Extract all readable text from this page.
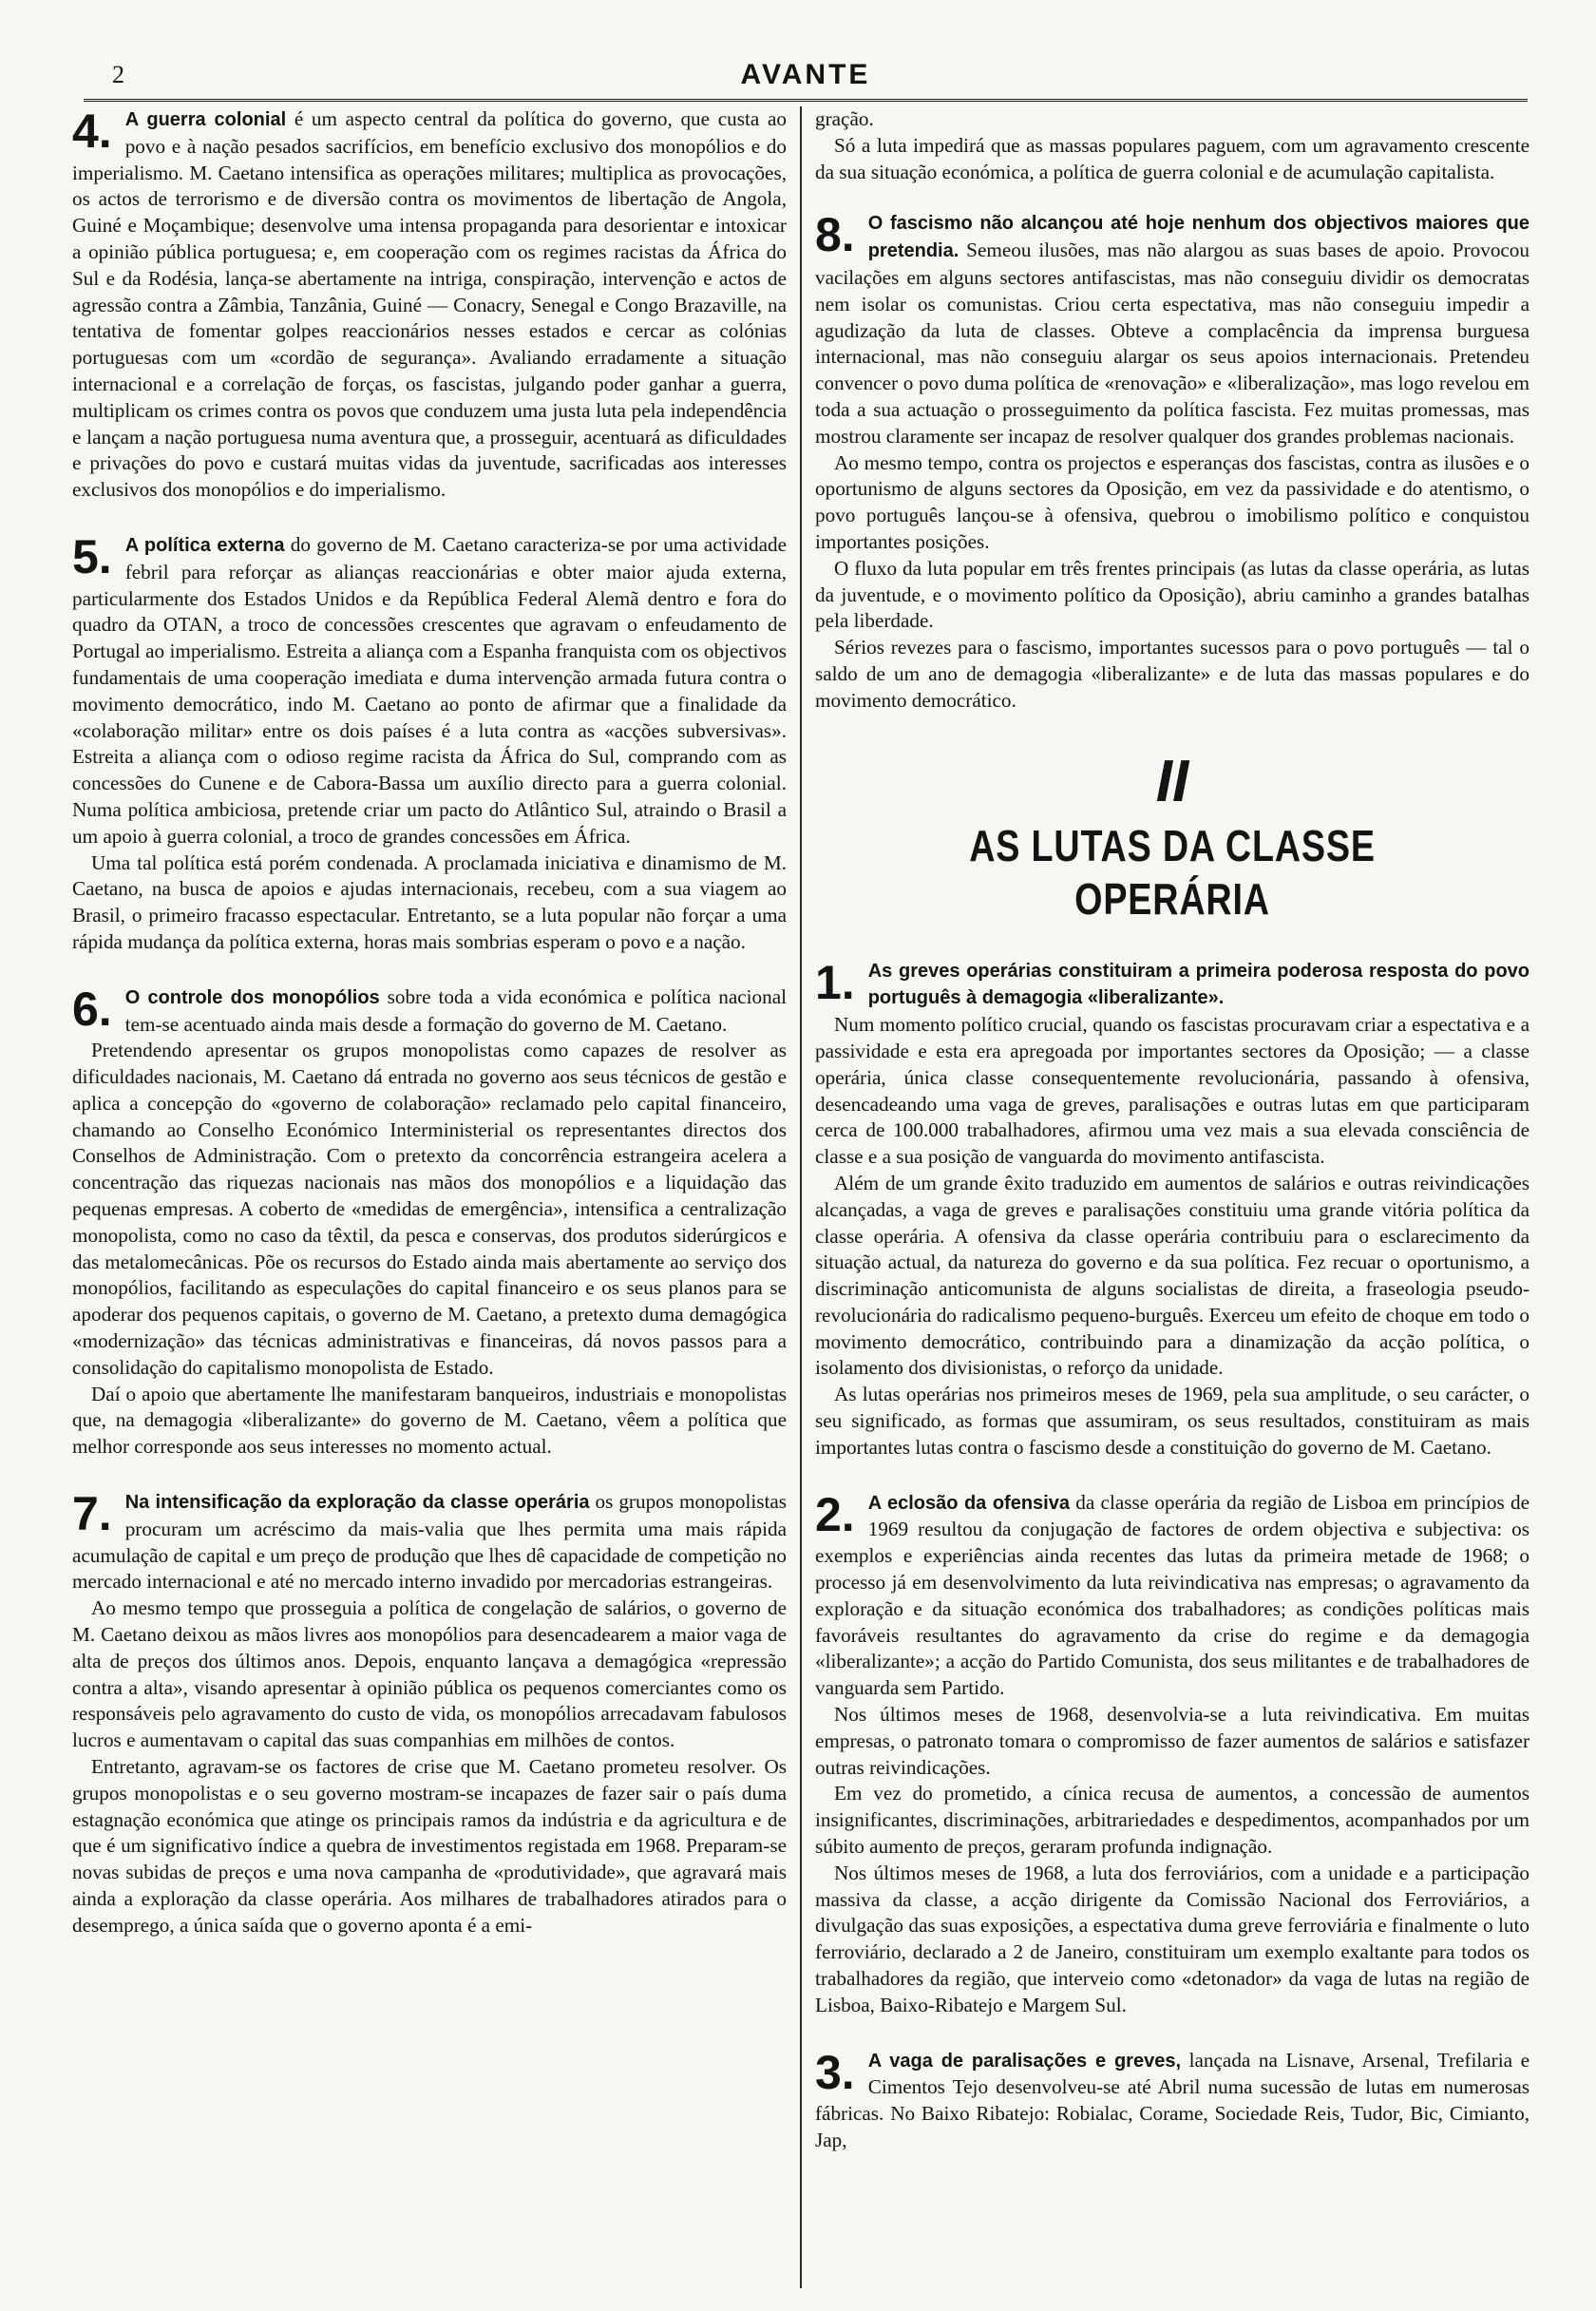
2	AVANTE

4. A guerra colonial é um aspecto central da política do governo, que custa ao povo e à nação pesados sacrifícios, em benefício exclusivo dos monopólios e do imperialismo. M. Caetano intensifica as operações militares; multiplica as provocações, os actos de terrorismo e de diversão contra os movimentos de libertação de Angola, Guiné e Moçambique; desenvolve uma intensa propaganda para desorientar e intoxicar a opinião pública portuguesa; e, em cooperação com os regimes racistas da África do Sul e da Rodésia, lança-se abertamente na intriga, conspiração, intervenção e actos de agressão contra a Zâmbia, Tanzânia, Guiné — Conacry, Senegal e Congo Brazaville, na tentativa de fomentar golpes reaccionários nesses estados e cercar as colónias portuguesas com um «cordão de segurança». Avaliando erradamente a situação internacional e a correlação de forças, os fascistas, julgando poder ganhar a guerra, multiplicam os crimes contra os povos que conduzem uma justa luta pela independência e lançam a nação portuguesa numa aventura que, a prosseguir, acentuará as dificuldades e privações do povo e custará muitas vidas da juventude, sacrificadas aos interesses exclusivos dos monopólios e do imperialismo.

5. A política externa do governo de M. Caetano caracteriza-se por uma actividade febril para reforçar as alianças reaccionárias e obter maior ajuda externa, particularmente dos Estados Unidos e da República Federal Alemã dentro e fora do quadro da OTAN, a troco de concessões crescentes que agravam o enfeudamento de Portugal ao imperialismo. Estreita a aliança com a Espanha franquista com os objectivos fundamentais de uma cooperação imediata e duma intervenção armada futura contra o movimento democrático, indo M. Caetano ao ponto de afirmar que a finalidade da «colaboração militar» entre os dois países é a luta contra as «acções subversivas». Estreita a aliança com o odioso regime racista da África do Sul, comprando com as concessões do Cunene e de Cabora-Bassa um auxílio directo para a guerra colonial. Numa política ambiciosa, pretende criar um pacto do Atlântico Sul, atraindo o Brasil a um apoio à guerra colonial, a troco de grandes concessões em África.

Uma tal política está porém condenada. A proclamada iniciativa e dinamismo de M. Caetano, na busca de apoios e ajudas internacionais, recebeu, com a sua viagem ao Brasil, o primeiro fracasso espectacular. Entretanto, se a luta popular não forçar a uma rápida mudança da política externa, horas mais sombrias esperam o povo e a nação.

6. O controle dos monopólios sobre toda a vida económica e política nacional tem-se acentuado ainda mais desde a formação do governo de M. Caetano.

Pretendendo apresentar os grupos monopolistas como capazes de resolver as dificuldades nacionais, M. Caetano dá entrada no governo aos seus técnicos de gestão e aplica a concepção do «governo de colaboração» reclamado pelo capital financeiro, chamando ao Conselho Económico Interministerial os representantes directos dos Conselhos de Administração. Com o pretexto da concorrência estrangeira acelera a concentração das riquezas nacionais nas mãos dos monopólios e a liquidação das pequenas empresas. A coberto de «medidas de emergência», intensifica a centralização monopolista, como no caso da têxtil, da pesca e conservas, dos produtos siderúrgicos e das metalomecânicas. Põe os recursos do Estado ainda mais abertamente ao serviço dos monopólios, facilitando as especulações do capital financeiro e os seus planos para se apoderar dos pequenos capitais, o governo de M. Caetano, a pretexto duma demagógica «modernização» das técnicas administrativas e financeiras, dá novos passos para a consolidação do capitalismo monopolista de Estado.

Daí o apoio que abertamente lhe manifestaram banqueiros, industriais e monopolistas que, na demagogia «liberalizante» do governo de M. Caetano, vêem a política que melhor corresponde aos seus interesses no momento actual.

7. Na intensificação da exploração da classe operária os grupos monopolistas procuram um acréscimo da mais-valia que lhes permita uma mais rápida acumulação de capital e um preço de produção que lhes dê capacidade de competição no mercado internacional e até no mercado interno invadido por mercadorias estrangeiras.

Ao mesmo tempo que prosseguia a política de congelação de salários, o governo de M. Caetano deixou as mãos livres aos monopólios para desencadearem a maior vaga de alta de preços dos últimos anos. Depois, enquanto lançava a demagógica «repressão contra a alta», visando apresentar à opinião pública os pequenos comerciantes como os responsáveis pelo agravamento do custo de vida, os monopólios arrecadavam fabulosos lucros e aumentavam o capital das suas companhias em milhões de contos.

Entretanto, agravam-se os factores de crise que M. Caetano prometeu resolver. Os grupos monopolistas e o seu governo mostram-se incapazes de fazer sair o país duma estagnação económica que atinge os principais ramos da indústria e da agricultura e de que é um significativo índice a quebra de investimentos registada em 1968. Preparam-se novas subidas de preços e uma nova campanha de «produtividade», que agravará mais ainda a exploração da classe operária. Aos milhares de trabalhadores atirados para o desemprego, a única saída que o governo aponta é a emi-

gração.

Só a luta impedirá que as massas populares paguem, com um agravamento crescente da sua situação económica, a política de guerra colonial e de acumulação capitalista.

8. O fascismo não alcançou até hoje nenhum dos objectivos maiores que pretendia. Semeou ilusões, mas não alargou as suas bases de apoio. Provocou vacilações em alguns sectores antifascistas, mas não conseguiu dividir os democratas nem isolar os comunistas. Criou certa espectativa, mas não conseguiu impedir a agudização da luta de classes. Obteve a complacência da imprensa burguesa internacional, mas não conseguiu alargar os seus apoios internacionais. Pretendeu convencer o povo duma política de «renovação» e «liberalização», mas logo revelou em toda a sua actuação o prosseguimento da política fascista. Fez muitas promessas, mas mostrou claramente ser incapaz de resolver qualquer dos grandes problemas nacionais.

Ao mesmo tempo, contra os projectos e esperanças dos fascistas, contra as ilusões e o oportunismo de alguns sectores da Oposição, em vez da passividade e do atentismo, o povo português lançou-se à ofensiva, quebrou o imobilismo político e conquistou importantes posições.

O fluxo da luta popular em três frentes principais (as lutas da classe operária, as lutas da juventude, e o movimento político da Oposição), abriu caminho a grandes batalhas pela liberdade.

Sérios revezes para o fascismo, importantes sucessos para o povo português — tal o saldo de um ano de demagogia «liberalizante» e de luta das massas populares e do movimento democrático.

II
AS LUTAS DA CLASSE OPERÁRIA

1. As greves operárias constituiram a primeira poderosa resposta do povo português à demagogia «liberalizante».

Num momento político crucial, quando os fascistas procuravam criar a espectativa e a passividade e esta era apregoada por importantes sectores da Oposição; — a classe operária, única classe consequentemente revolucionária, passando à ofensiva, desencadeando uma vaga de greves, paralisações e outras lutas em que participaram cerca de 100.000 trabalhadores, afirmou uma vez mais a sua elevada consciência de classe e a sua posição de vanguarda do movimento antifascista.

Além de um grande êxito traduzido em aumentos de salários e outras reivindicações alcançadas, a vaga de greves e paralisações constituiu uma grande vitória política da classe operária. A ofensiva da classe operária contribuiu para o esclarecimento da situação actual, da natureza do governo e da sua política. Fez recuar o oportunismo, a discriminação anticomunista de alguns socialistas de direita, a fraseologia pseudo-revolucionária do radicalismo pequeno-burguês. Exerceu um efeito de choque em todo o movimento democrático, contribuindo para a dinamização da acção política, o isolamento dos divisionistas, o reforço da unidade.

As lutas operárias nos primeiros meses de 1969, pela sua amplitude, o seu carácter, o seu significado, as formas que assumiram, os seus resultados, constituiram as mais importantes lutas contra o fascismo desde a constituição do governo de M. Caetano.

2. A eclosão da ofensiva da classe operária da região de Lisboa em princípios de 1969 resultou da conjugação de factores de ordem objectiva e subjectiva: os exemplos e experiências ainda recentes das lutas da primeira metade de 1968; o processo já em desenvolvimento da luta reivindicativa nas empresas; o agravamento da exploração e da situação económica dos trabalhadores; as condições políticas mais favoráveis resultantes do agravamento da crise do regime e da demagogia «liberalizante»; a acção do Partido Comunista, dos seus militantes e de trabalhadores de vanguarda sem Partido.

Nos últimos meses de 1968, desenvolvia-se a luta reivindicativa. Em muitas empresas, o patronato tomara o compromisso de fazer aumentos de salários e satisfazer outras reivindicações.

Em vez do prometido, a cínica recusa de aumentos, a concessão de aumentos insignificantes, discriminações, arbitrariedades e despedimentos, acompanhados por um súbito aumento de preços, geraram profunda indignação.

Nos últimos meses de 1968, a luta dos ferroviários, com a unidade e a participação massiva da classe, a acção dirigente da Comissão Nacional dos Ferroviários, a divulgação das suas exposições, a espectativa duma greve ferroviária e finalmente o luto ferroviário, declarado a 2 de Janeiro, constituiram um exemplo exaltante para todos os trabalhadores da região, que interveio como «detonador» da vaga de lutas na região de Lisboa, Baixo-Ribatejo e Margem Sul.

3. A vaga de paralisações e greves, lançada na Lisnave, Arsenal, Trefilaria e Cimentos Tejo desenvolveu-se até Abril numa sucessão de lutas em numerosas fábricas. No Baixo Ribatejo: Robialac, Corame, Sociedade Reis, Tudor, Bic, Cimianto, Jap,
